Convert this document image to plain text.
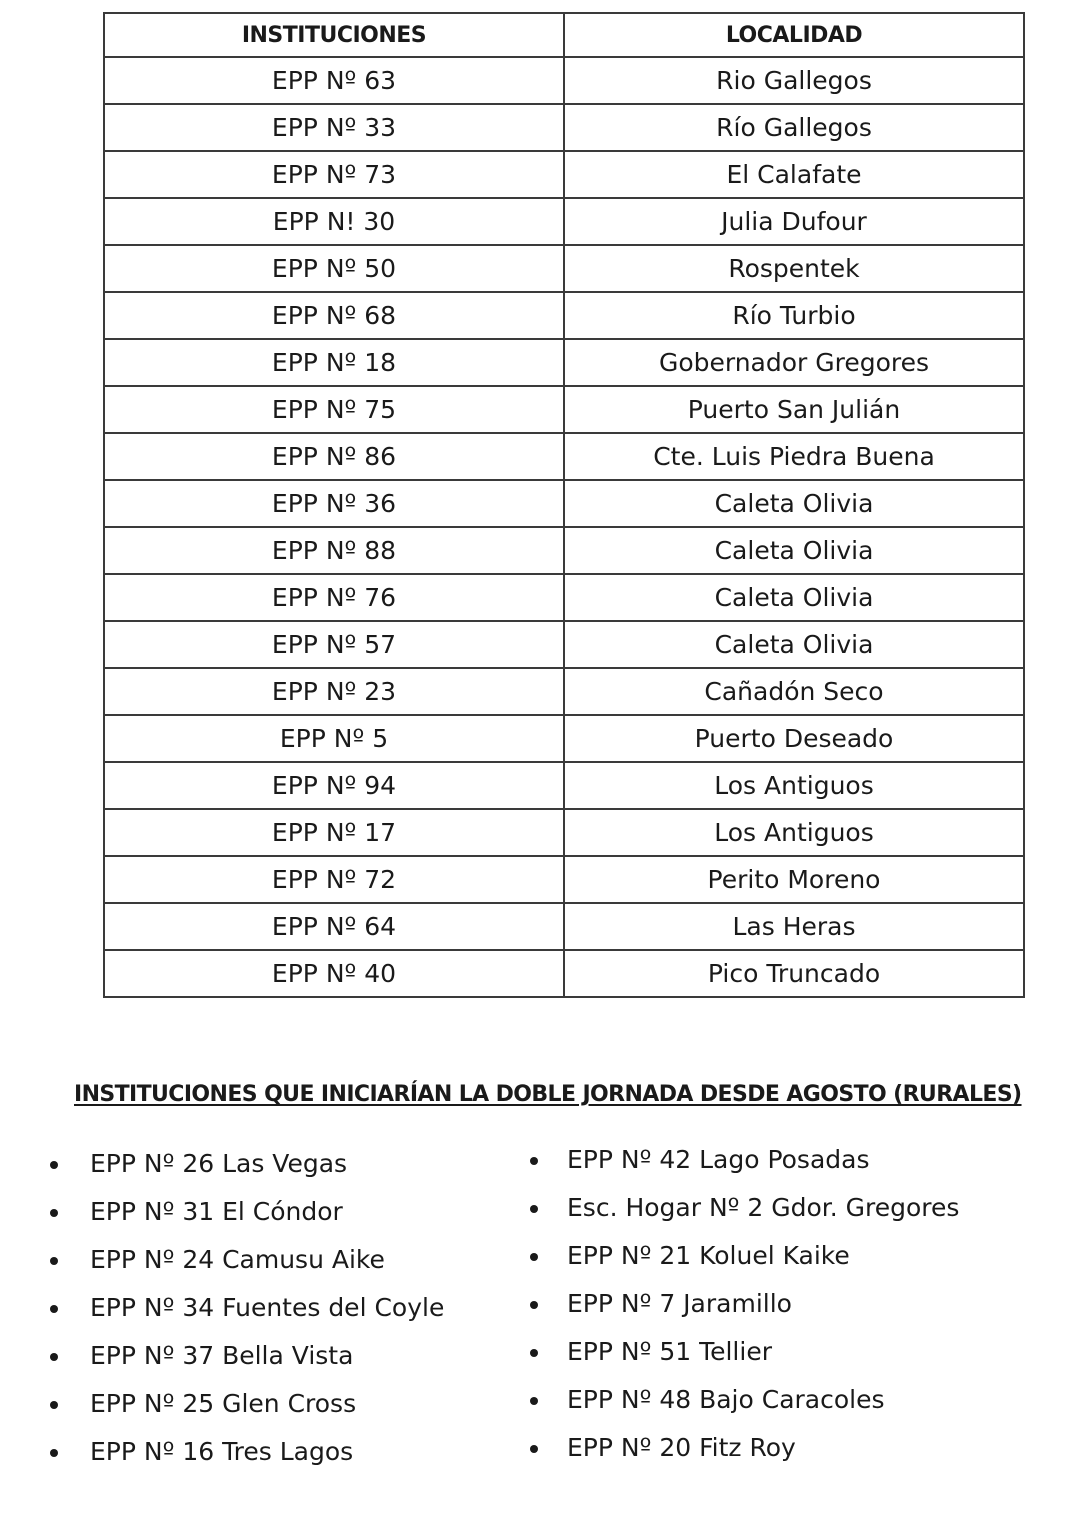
INSTITUCIONES	LOCALIDAD
EPP Nº 63	Rio Gallegos
EPP Nº 33	Río Gallegos
EPP Nº 73	El Calafate
EPP N! 30	Julia Dufour
EPP Nº 50	Rospentek
EPP Nº 68	Río Turbio
EPP Nº 18	Gobernador Gregores
EPP Nº 75	Puerto San Julián
EPP Nº 86	Cte. Luis Piedra Buena
EPP Nº 36	Caleta Olivia
EPP Nº 88	Caleta Olivia
EPP Nº 76	Caleta Olivia
EPP Nº 57	Caleta Olivia
EPP Nº 23	Cañadón Seco
EPP Nº 5	Puerto Deseado
EPP Nº 94	Los Antiguos
EPP Nº 17	Los Antiguos
EPP Nº 72	Perito Moreno
EPP Nº 64	Las Heras
EPP Nº 40	Pico Truncado
INSTITUCIONES QUE INICIARÍAN LA DOBLE JORNADA DESDE AGOSTO (RURALES)
EPP Nº 26 Las Vegas
EPP Nº 31 El Cóndor
EPP Nº 24 Camusu Aike
EPP Nº 34 Fuentes del Coyle
EPP Nº 37 Bella Vista
EPP Nº 25 Glen Cross
EPP Nº 16 Tres Lagos
EPP Nº 42 Lago Posadas
Esc. Hogar Nº 2 Gdor. Gregores
EPP Nº 21 Koluel Kaike
EPP Nº 7 Jaramillo
EPP Nº 51 Tellier
EPP Nº 48 Bajo Caracoles
EPP Nº 20 Fitz Roy
